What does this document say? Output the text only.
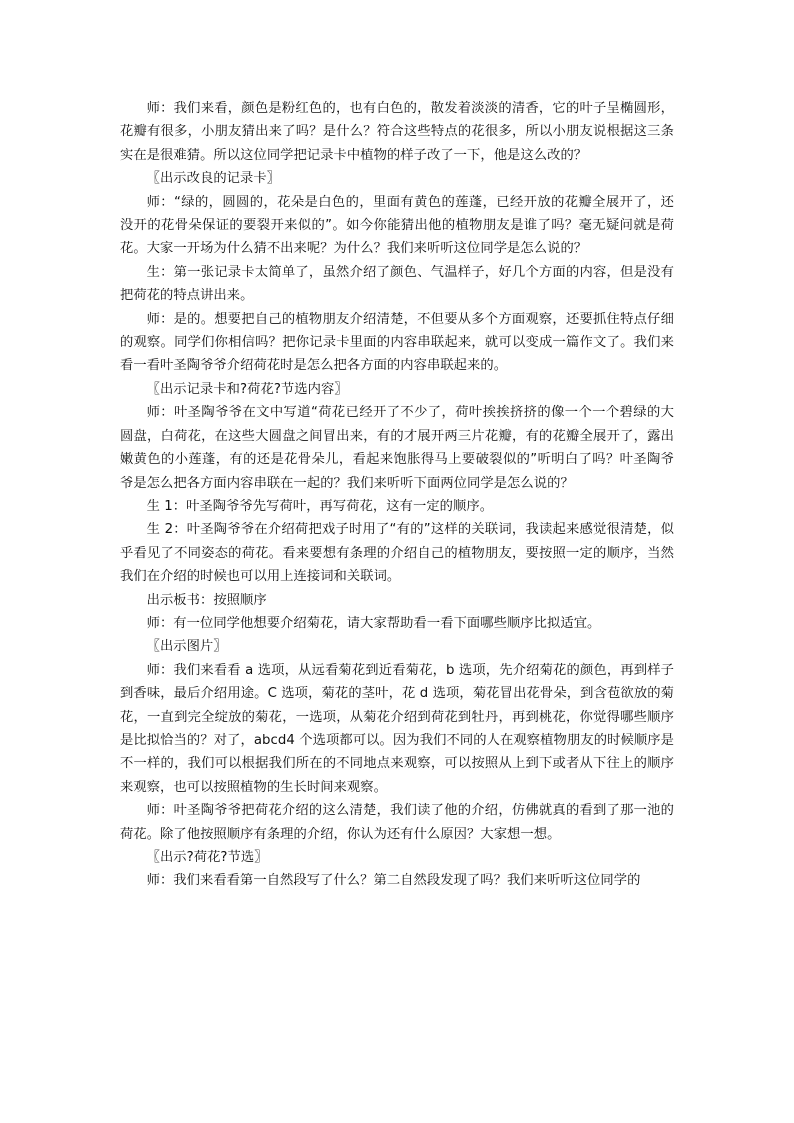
师：我们来看，颜色是粉红色的，也有白色的，散发着淡淡的清香，它的叶子呈椭圆形，花瓣有很多，小朋友猜出来了吗？是什么？符合这些特点的花很多，所以小朋友说根据这三条实在是很难猜。所以这位同学把记录卡中植物的样子改了一下，他是这么改的？

〖出示改良的记录卡〗

师：“绿的，圆圆的，花朵是白色的，里面有黄色的莲蓬，已经开放的花瓣全展开了，还没开的花骨朵保证的要裂开来似的”。如今你能猜出他的植物朋友是谁了吗？毫无疑问就是荷花。大家一开场为什么猜不出来呢？为什么？我们来听听这位同学是怎么说的？

生：第一张记录卡太简单了，虽然介绍了颜色、气温样子，好几个方面的内容，但是没有把荷花的特点讲出来。

师：是的。想要把自己的植物朋友介绍清楚，不但要从多个方面观察，还要抓住特点仔细的观察。同学们你相信吗？把你记录卡里面的内容串联起来，就可以变成一篇作文了。我们来看一看叶圣陶爷爷介绍荷花时是怎么把各方面的内容串联起来的。

〖出示记录卡和?荷花?节选内容〗

师：叶圣陶爷爷在文中写道“荷花已经开了不少了，荷叶挨挨挤挤的像一个一个碧绿的大圆盘，白荷花，在这些大圆盘之间冒出来，有的才展开两三片花瓣，有的花瓣全展开了，露出嫩黄色的小莲蓬，有的还是花骨朵儿，看起来饱胀得马上要破裂似的”听明白了吗？叶圣陶爷爷是怎么把各方面内容串联在一起的？我们来听听下面两位同学是怎么说的？

生 1：叶圣陶爷爷先写荷叶，再写荷花，这有一定的顺序。

生 2：叶圣陶爷爷在介绍荷把戏子时用了“有的”这样的关联词，我读起来感觉很清楚，似乎看见了不同姿态的荷花。看来要想有条理的介绍自己的植物朋友，要按照一定的顺序，当然我们在介绍的时候也可以用上连接词和关联词。

出示板书：按照顺序

师：有一位同学他想要介绍菊花，请大家帮助看一看下面哪些顺序比拟适宜。

〖出示图片〗

师：我们来看看 a 选项，从远看菊花到近看菊花，b 选项，先介绍菊花的颜色，再到样子到香味，最后介绍用途。C 选项，菊花的茎叶，花 d 选项，菊花冒出花骨朵，到含苞欲放的菊花，一直到完全绽放的菊花，一选项，从菊花介绍到荷花到牡丹，再到桃花，你觉得哪些顺序是比拟恰当的？对了，abcd4 个选项都可以。因为我们不同的人在观察植物朋友的时候顺序是不一样的，我们可以根据我们所在的不同地点来观察，可以按照从上到下或者从下往上的顺序来观察，也可以按照植物的生长时间来观察。

师：叶圣陶爷爷把荷花介绍的这么清楚，我们读了他的介绍，仿佛就真的看到了那一池的荷花。除了他按照顺序有条理的介绍，你认为还有什么原因？大家想一想。

〖出示?荷花?节选〗

师：我们来看看第一自然段写了什么？第二自然段发现了吗？我们来听听这位同学的
